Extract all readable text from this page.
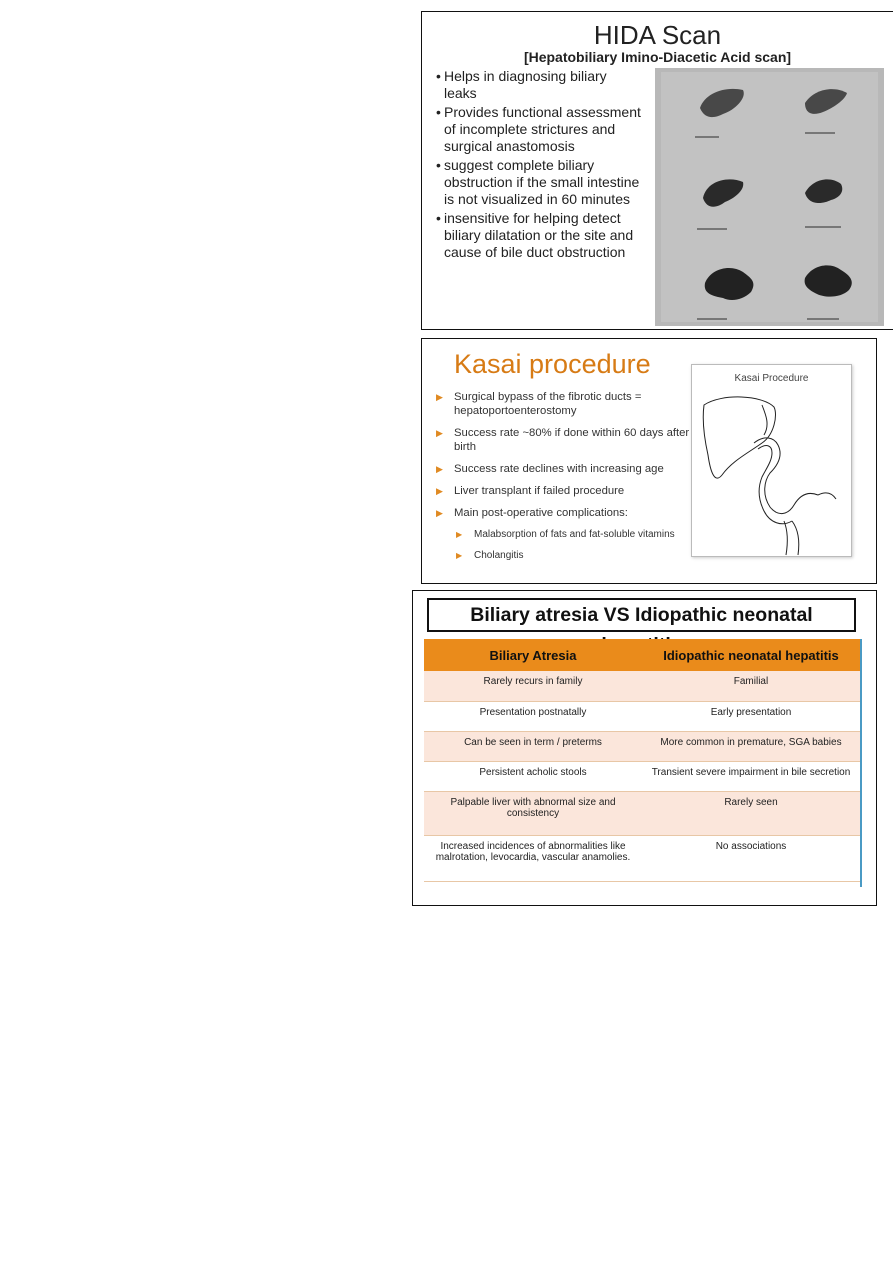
HIDA Scan
[Hepatobiliary Imino-Diacetic Acid scan]
• Helps in diagnosing biliary leaks
• Provides functional assessment of incomplete strictures and surgical anastomosis
• suggest complete biliary obstruction if the small intestine is not visualized in 60 minutes
• insensitive for helping detect biliary dilatation or the site and cause of bile duct obstruction
Kasai procedure
▶ Surgical bypass of the fibrotic ducts = hepatoportoenterostomy
▶ Success rate ~80% if done within 60 days after birth
▶ Success rate declines with increasing age
▶ Liver transplant if failed procedure
▶ Main post-operative complications:
▶ Malabsorption of fats and fat-soluble vitamins
▶ Cholangitis
Kasai Procedure
Biliary atresia VS Idiopathic neonatal
Biliary Atresia	Idiopathic neonatal hepatitis
Rarely recurs in family	Familial
Presentation postnatally	Early presentation
Can be seen in term / preterms	More common in premature, SGA babies
Persistent acholic stools	Transient severe impairment in bile secretion
Palpable liver with abnormal size and consistency	Rarely seen
Increased incidences of abnormalities like malrotation, levocardia, vascular anamolies.	No associations
